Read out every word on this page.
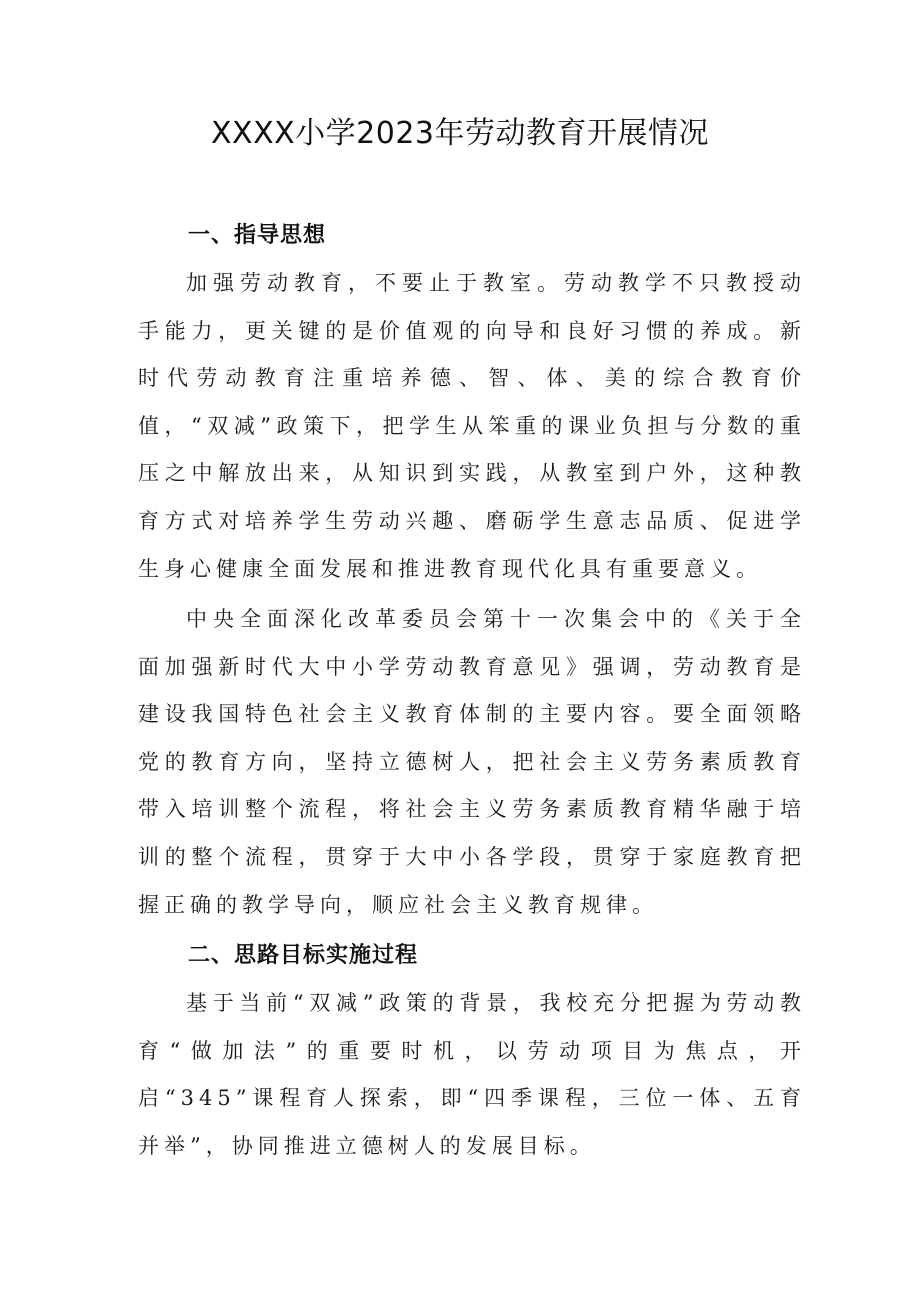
XXXX小学2023年劳动教育开展情况
一、指导思想

加强劳动教育，不要止于教室。劳动教学不只教授动手能力，更关键的是价值观的向导和良好习惯的养成。新时代劳动教育注重培养德、智、体、美的综合教育价值，“双减”政策下，把学生从笨重的课业负担与分数的重压之中解放出来，从知识到实践，从教室到户外，这种教育方式对培养学生劳动兴趣、磨砺学生意志品质、促进学生身心健康全面发展和推进教育现代化具有重要意义。

中央全面深化改革委员会第十一次集会中的《关于全面加强新时代大中小学劳动教育意见》强调，劳动教育是建设我国特色社会主义教育体制的主要内容。要全面领略党的教育方向，坚持立德树人，把社会主义劳务素质教育带入培训整个流程，将社会主义劳务素质教育精华融于培训的整个流程，贯穿于大中小各学段，贯穿于家庭教育把握正确的教学导向，顺应社会主义教育规律。

二、思路目标实施过程

基于当前“双减”政策的背景，我校充分把握为劳动教育“做加法”的重要时机，以劳动项目为焦点，开启“345”课程育人探索，即“四季课程，三位一体、五育并举”，协同推进立德树人的发展目标。
